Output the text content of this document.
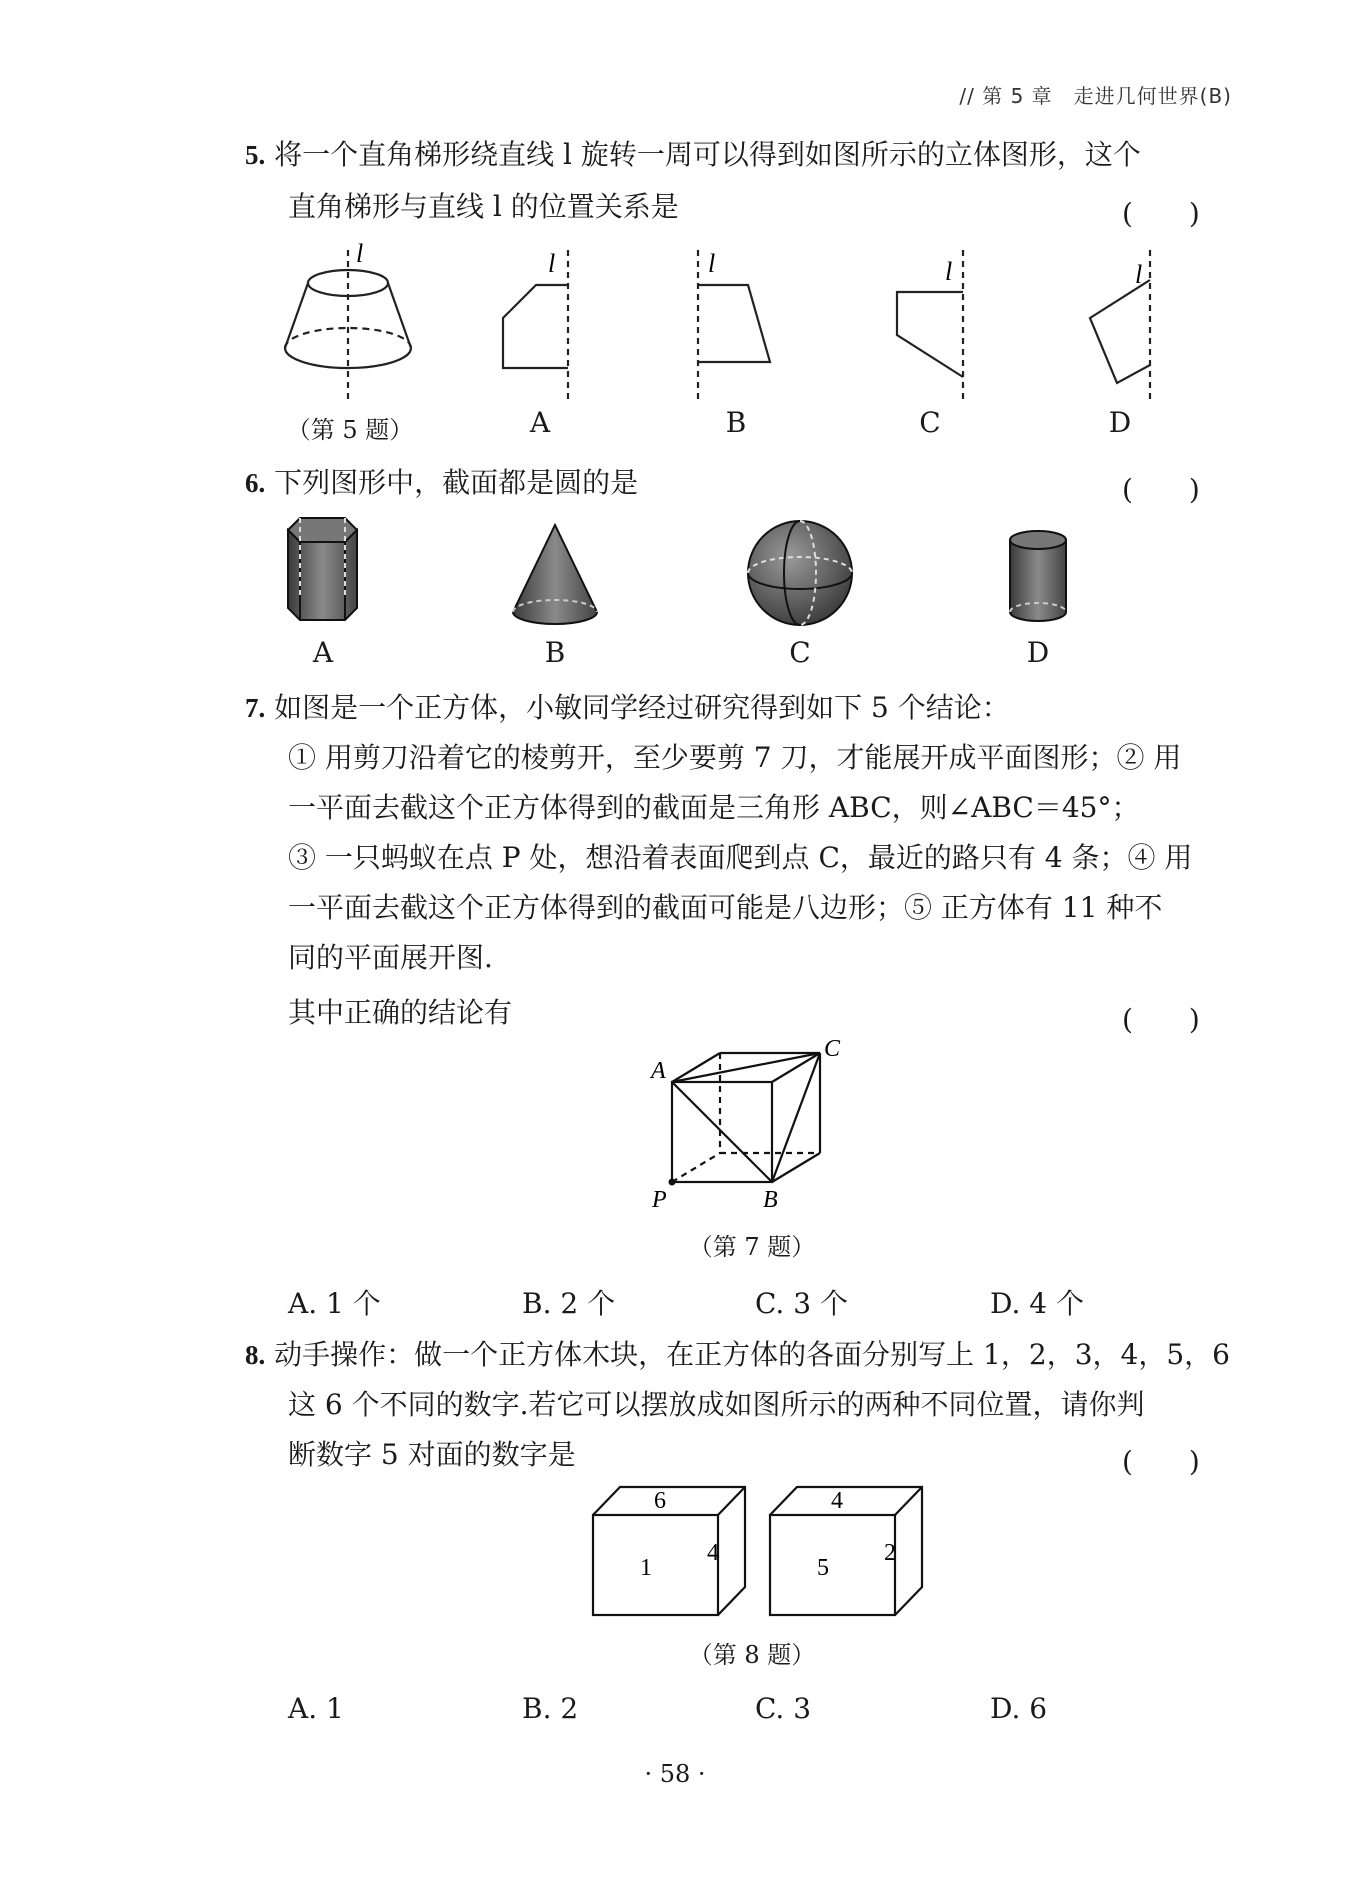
// 第 5 章　走进几何世界(B)
5. 将一个直角梯形绕直线 l 旋转一周可以得到如图所示的立体图形，这个
直角梯形与直线 l 的位置关系是	(　　)
l	l	l	l	l
（第 5 题）	A	B	C	D
6. 下列图形中，截面都是圆的是	(　　)
A	B	C	D
7. 如图是一个正方体，小敏同学经过研究得到如下 5 个结论：
① 用剪刀沿着它的棱剪开，至少要剪 7 刀，才能展开成平面图形；② 用
一平面去截这个正方体得到的截面是三角形 ABC，则∠ABC＝45°；
③ 一只蚂蚁在点 P 处，想沿着表面爬到点 C，最近的路只有 4 条；④ 用
一平面去截这个正方体得到的截面可能是八边形；⑤ 正方体有 11 种不
同的平面展开图.
其中正确的结论有	(　　)
A
C
B
P
（第 7 题）
A. 1 个	B. 2 个	C. 3 个	D. 4 个
8. 动手操作：做一个正方体木块，在正方体的各面分别写上 1，2，3，4，5，6
这 6 个不同的数字.若它可以摆放成如图所示的两种不同位置，请你判
断数字 5 对面的数字是	(　　)
6
1
4
4
5
2
（第 8 题）
A. 1	B. 2	C. 3	D. 6
· 58 ·
